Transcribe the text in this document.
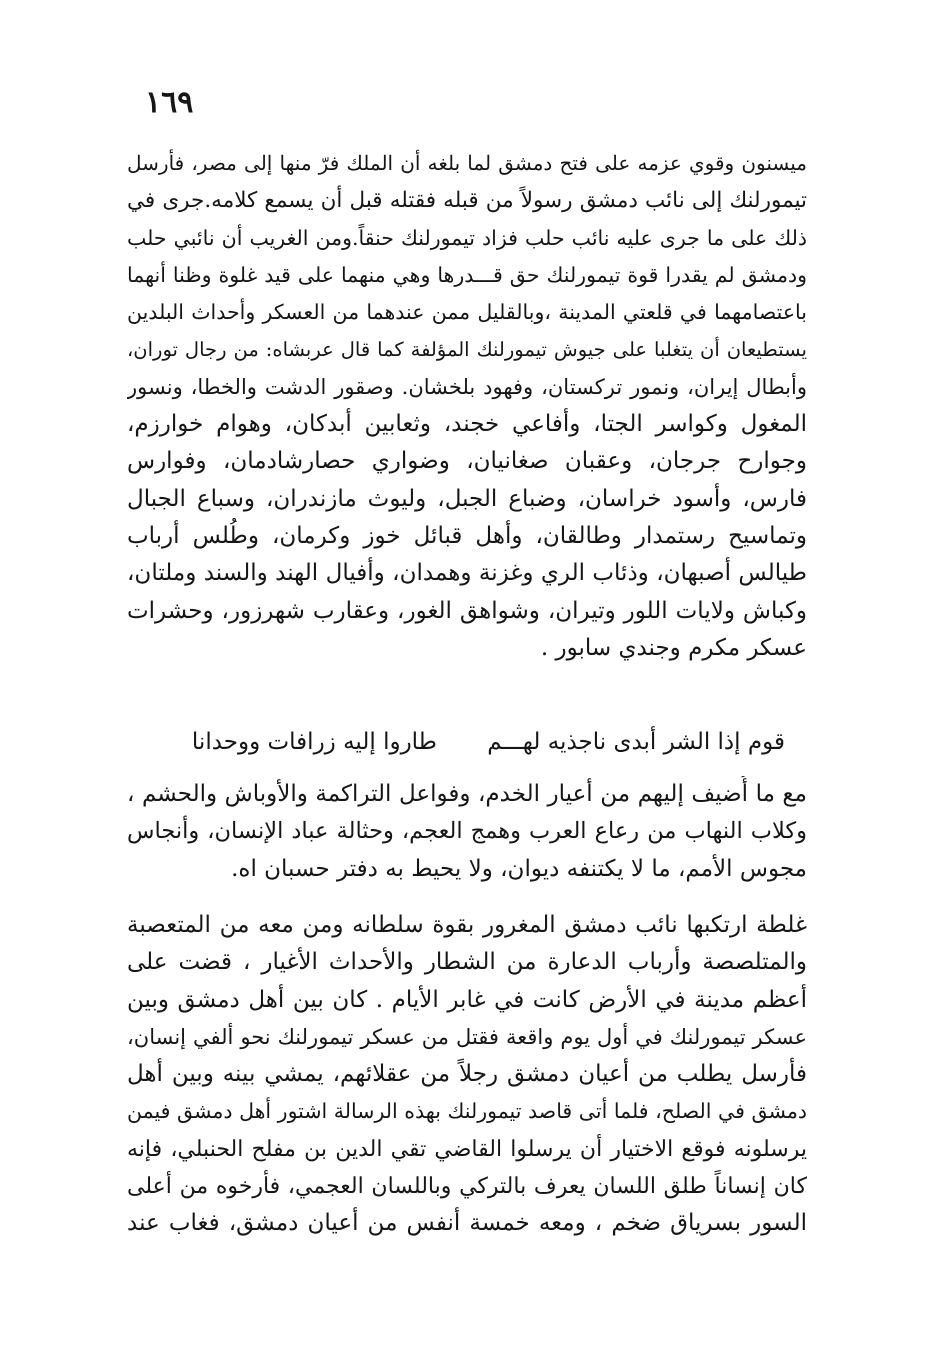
١٦٩
ميسنون وقوي عزمه على فتح دمشق لما بلغه أن الملك فرّ منها إلى مصر، فأرسل
تيمورلنك إلى نائب دمشق رسولاً من قبله فقتله قبل أن يسمع كلامه.جرى في
ذلك على ما جرى عليه نائب حلب فزاد تيمورلنك حنقاً.ومن الغريب أن نائبي حلب
ودمشق لم يقدرا قوة تيمورلنك حق قـــدرها وهي منهما على قيد غلوة وظنا أنهما
باعتصامهما في قلعتي المدينة ،وبالقليل ممن عندهما من العسكر وأحداث البلدين
يستطيعان أن يتغلبا على جيوش تيمورلنك المؤلفة كما قال عربشاه: من رجال توران،
وأبطال إيران، ونمور تركستان، وفهود بلخشان. وصقور الدشت والخطا، ونسور
المغول وكواسر الجتا، وأفاعي خجند، وثعابين أبدكان، وهوام خوارزم،
وجوارح جرجان، وعقبان صغانيان، وضواري حصارشادمان، وفوارس
فارس، وأسود خراسان، وضباع الجبل، وليوث مازندران، وسباع الجبال
وتماسيح رستمدار وطالقان، وأهل قبائل خوز وكرمان، وطُلس أرباب
طيالس أصبهان، وذئاب الري وغزنة وهمدان، وأفيال الهند والسند وملتان،
وكباش ولايات اللور وتيران، وشواهق الغور، وعقارب شهرزور، وحشرات
عسكر مكرم وجندي سابور .
قوم إذا الشر أبدى ناجذيه لهـــم
طاروا إليه زرافات ووحدانا
مع ما أُضيف إليهم من أعيار الخدم، وفواعل التراكمة والأوباش والحشم ،
وكلاب النهاب من رعاع العرب وهمج العجم، وحثالة عباد الإنسان، وأنجاس
مجوس الأمم، ما لا يكتنفه ديوان، ولا يحيط به دفتر حسبان اه.
غلطة ارتكبها نائب دمشق المغرور بقوة سلطانه ومن معه من المتعصبة
والمتلصصة وأرباب الدعارة من الشطار والأحداث الأغيار ، قضت على
أعظم مدينة في الأرض كانت في غابر الأيام . كان بين أهل دمشق وبين
عسكر تيمورلنك في أول يوم واقعة فقتل من عسكر تيمورلنك نحو ألفي إنسان،
فأرسل يطلب من أعيان دمشق رجلاً من عقلائهم، يمشي بينه وبين أهل
دمشق في الصلح، فلما أتى قاصد تيمورلنك بهذه الرسالة اشتور أهل دمشق فيمن
يرسلونه فوقع الاختيار أن يرسلوا القاضي تقي الدين بن مفلح الحنبلي، فإنه
كان إنساناً طلق اللسان يعرف بالتركي وباللسان العجمي، فأرخوه من أعلى
السور بسرياق ضخم ، ومعه خمسة أنفس من أعيان دمشق، فغاب عند
